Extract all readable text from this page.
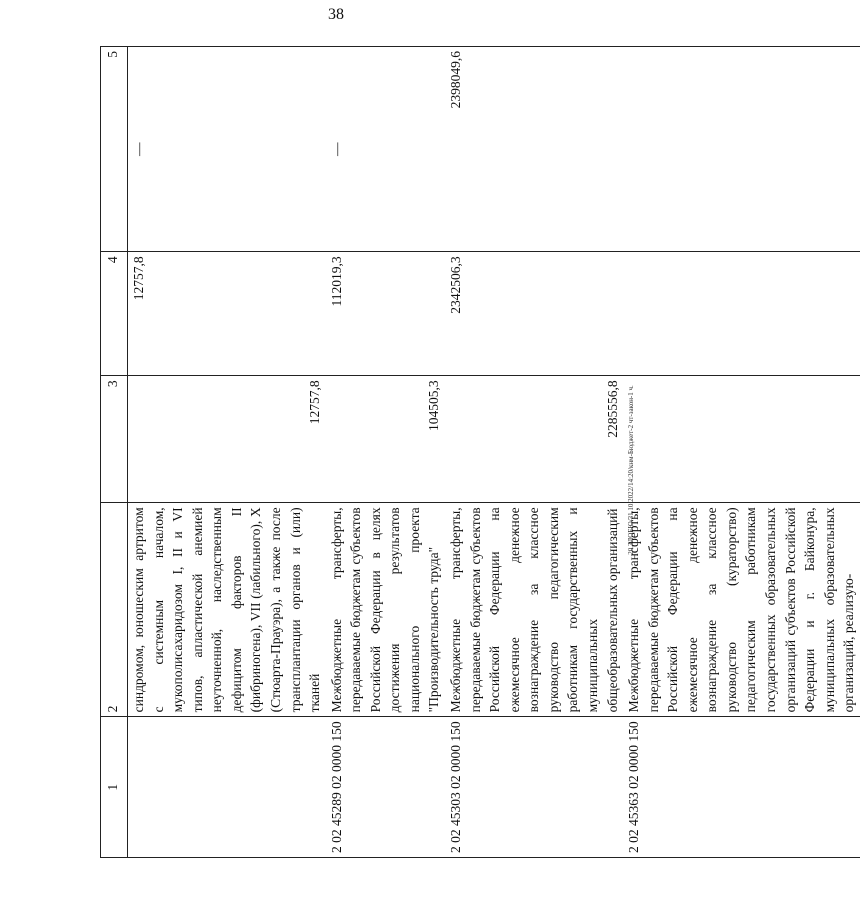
38
20.3ЛОЕЮ/31.10.2022/14:20/кнм-Бюджет-2 чт-закон-1 ч.
1	2	3	4	5
	синдромом, юношеским артритом с системным началом, мукополисахаридозом I, II и VI типов, апластической анемией неуточненной, наследственным дефицитом факторов II (фибриногена), VII (лабильного), X (Стюарта-Прауэра), а также после трансплантации органов и (или) тканей	12757,8	12757,8	—
2 02 45289 02 0000 150	Межбюджетные трансферты, передаваемые бюджетам субъектов Российской Федерации в целях достижения результатов национального проекта "Производительность труда"	104505,3	112019,3	—
2 02 45303 02 0000 150	Межбюджетные трансферты, передаваемые бюджетам субъектов Российской Федерации на ежемесячное денежное вознаграждение за классное руководство педагогическим работникам государственных и муниципальных общеобразовательных организаций	2285556,8	2342506,3	2398049,6
2 02 45363 02 0000 150	Межбюджетные трансферты, передаваемые бюджетам субъектов Российской Федерации на ежемесячное денежное вознаграждение за классное руководство (кураторство) педагогическим работникам государственных образовательных организаций субъектов Российской Федерации и г. Байконура, муниципальных образовательных организаций, реализую-			
